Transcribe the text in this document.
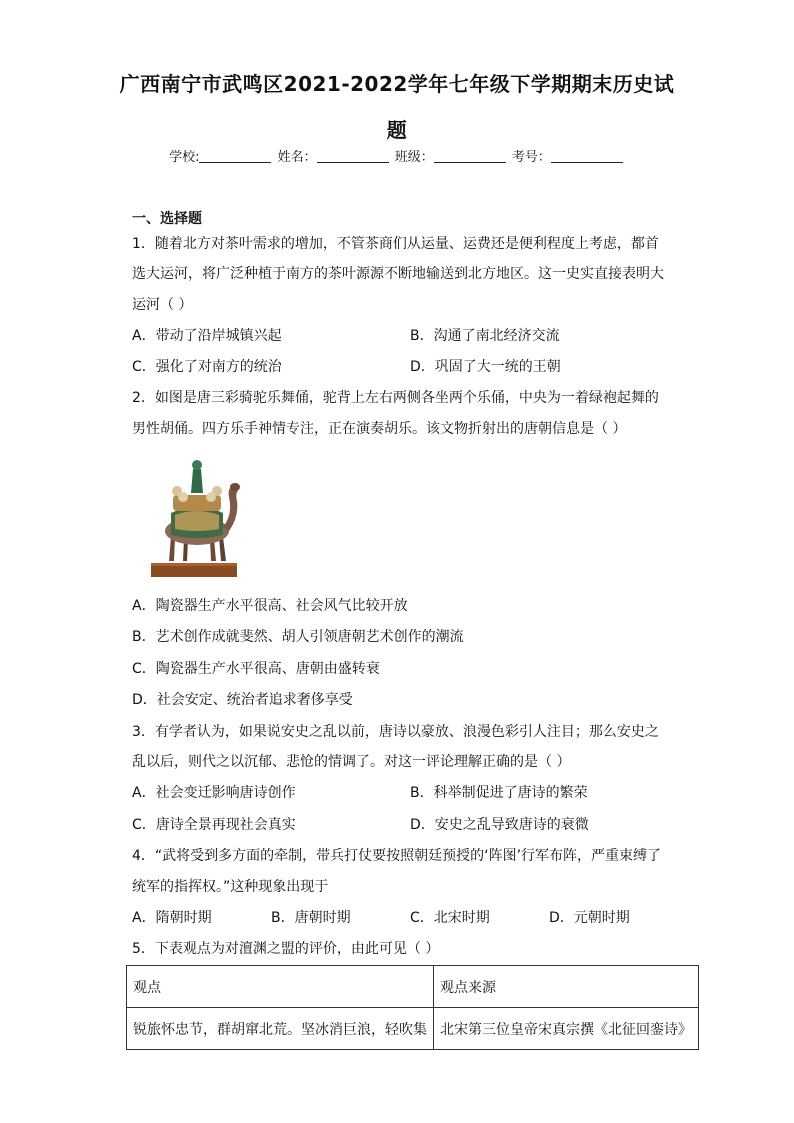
广西南宁市武鸣区2021-2022学年七年级下学期期末历史试
题
学校:	姓名：	班级：	考号：
一、选择题
1．随着北方对茶叶需求的增加，不管茶商们从运量、运费还是便利程度上考虑，都首
选大运河，将广泛种植于南方的茶叶源源不断地输送到北方地区。这一史实直接表明大
运河（ ）
A．带动了沿岸城镇兴起	B．沟通了南北经济交流
C．强化了对南方的统治	D．巩固了大一统的王朝
2．如图是唐三彩骑驼乐舞俑，驼背上左右两侧各坐两个乐俑，中央为一着绿袍起舞的
男性胡俑。四方乐手神情专注，正在演奏胡乐。该文物折射出的唐朝信息是（ ）
A．陶瓷器生产水平很高、社会风气比较开放
B．艺术创作成就斐然、胡人引领唐朝艺术创作的潮流
C．陶瓷器生产水平很高、唐朝由盛转衰
D．社会安定、统治者追求奢侈享受
3．有学者认为，如果说安史之乱以前，唐诗以豪放、浪漫色彩引人注目；那么安史之
乱以后，则代之以沉郁、悲怆的情调了。对这一评论理解正确的是（ ）
A．社会变迁影响唐诗创作	B．科举制促进了唐诗的繁荣
C．唐诗全景再现社会真实	D．安史之乱导致唐诗的衰微
4．“武将受到多方面的牵制，带兵打仗要按照朝廷预授的‘阵图’行军布阵，严重束缚了
统军的指挥权。”这种现象出现于
A．隋朝时期	B．唐朝时期	C．北宋时期	D．元朝时期
5．下表观点为对澶渊之盟的评价，由此可见（ ）
观点	观点来源
锐旅怀忠节，群胡窜北荒。坚冰消巨浪，轻吹集	北宋第三位皇帝宋真宗撰《北征回銮诗》
